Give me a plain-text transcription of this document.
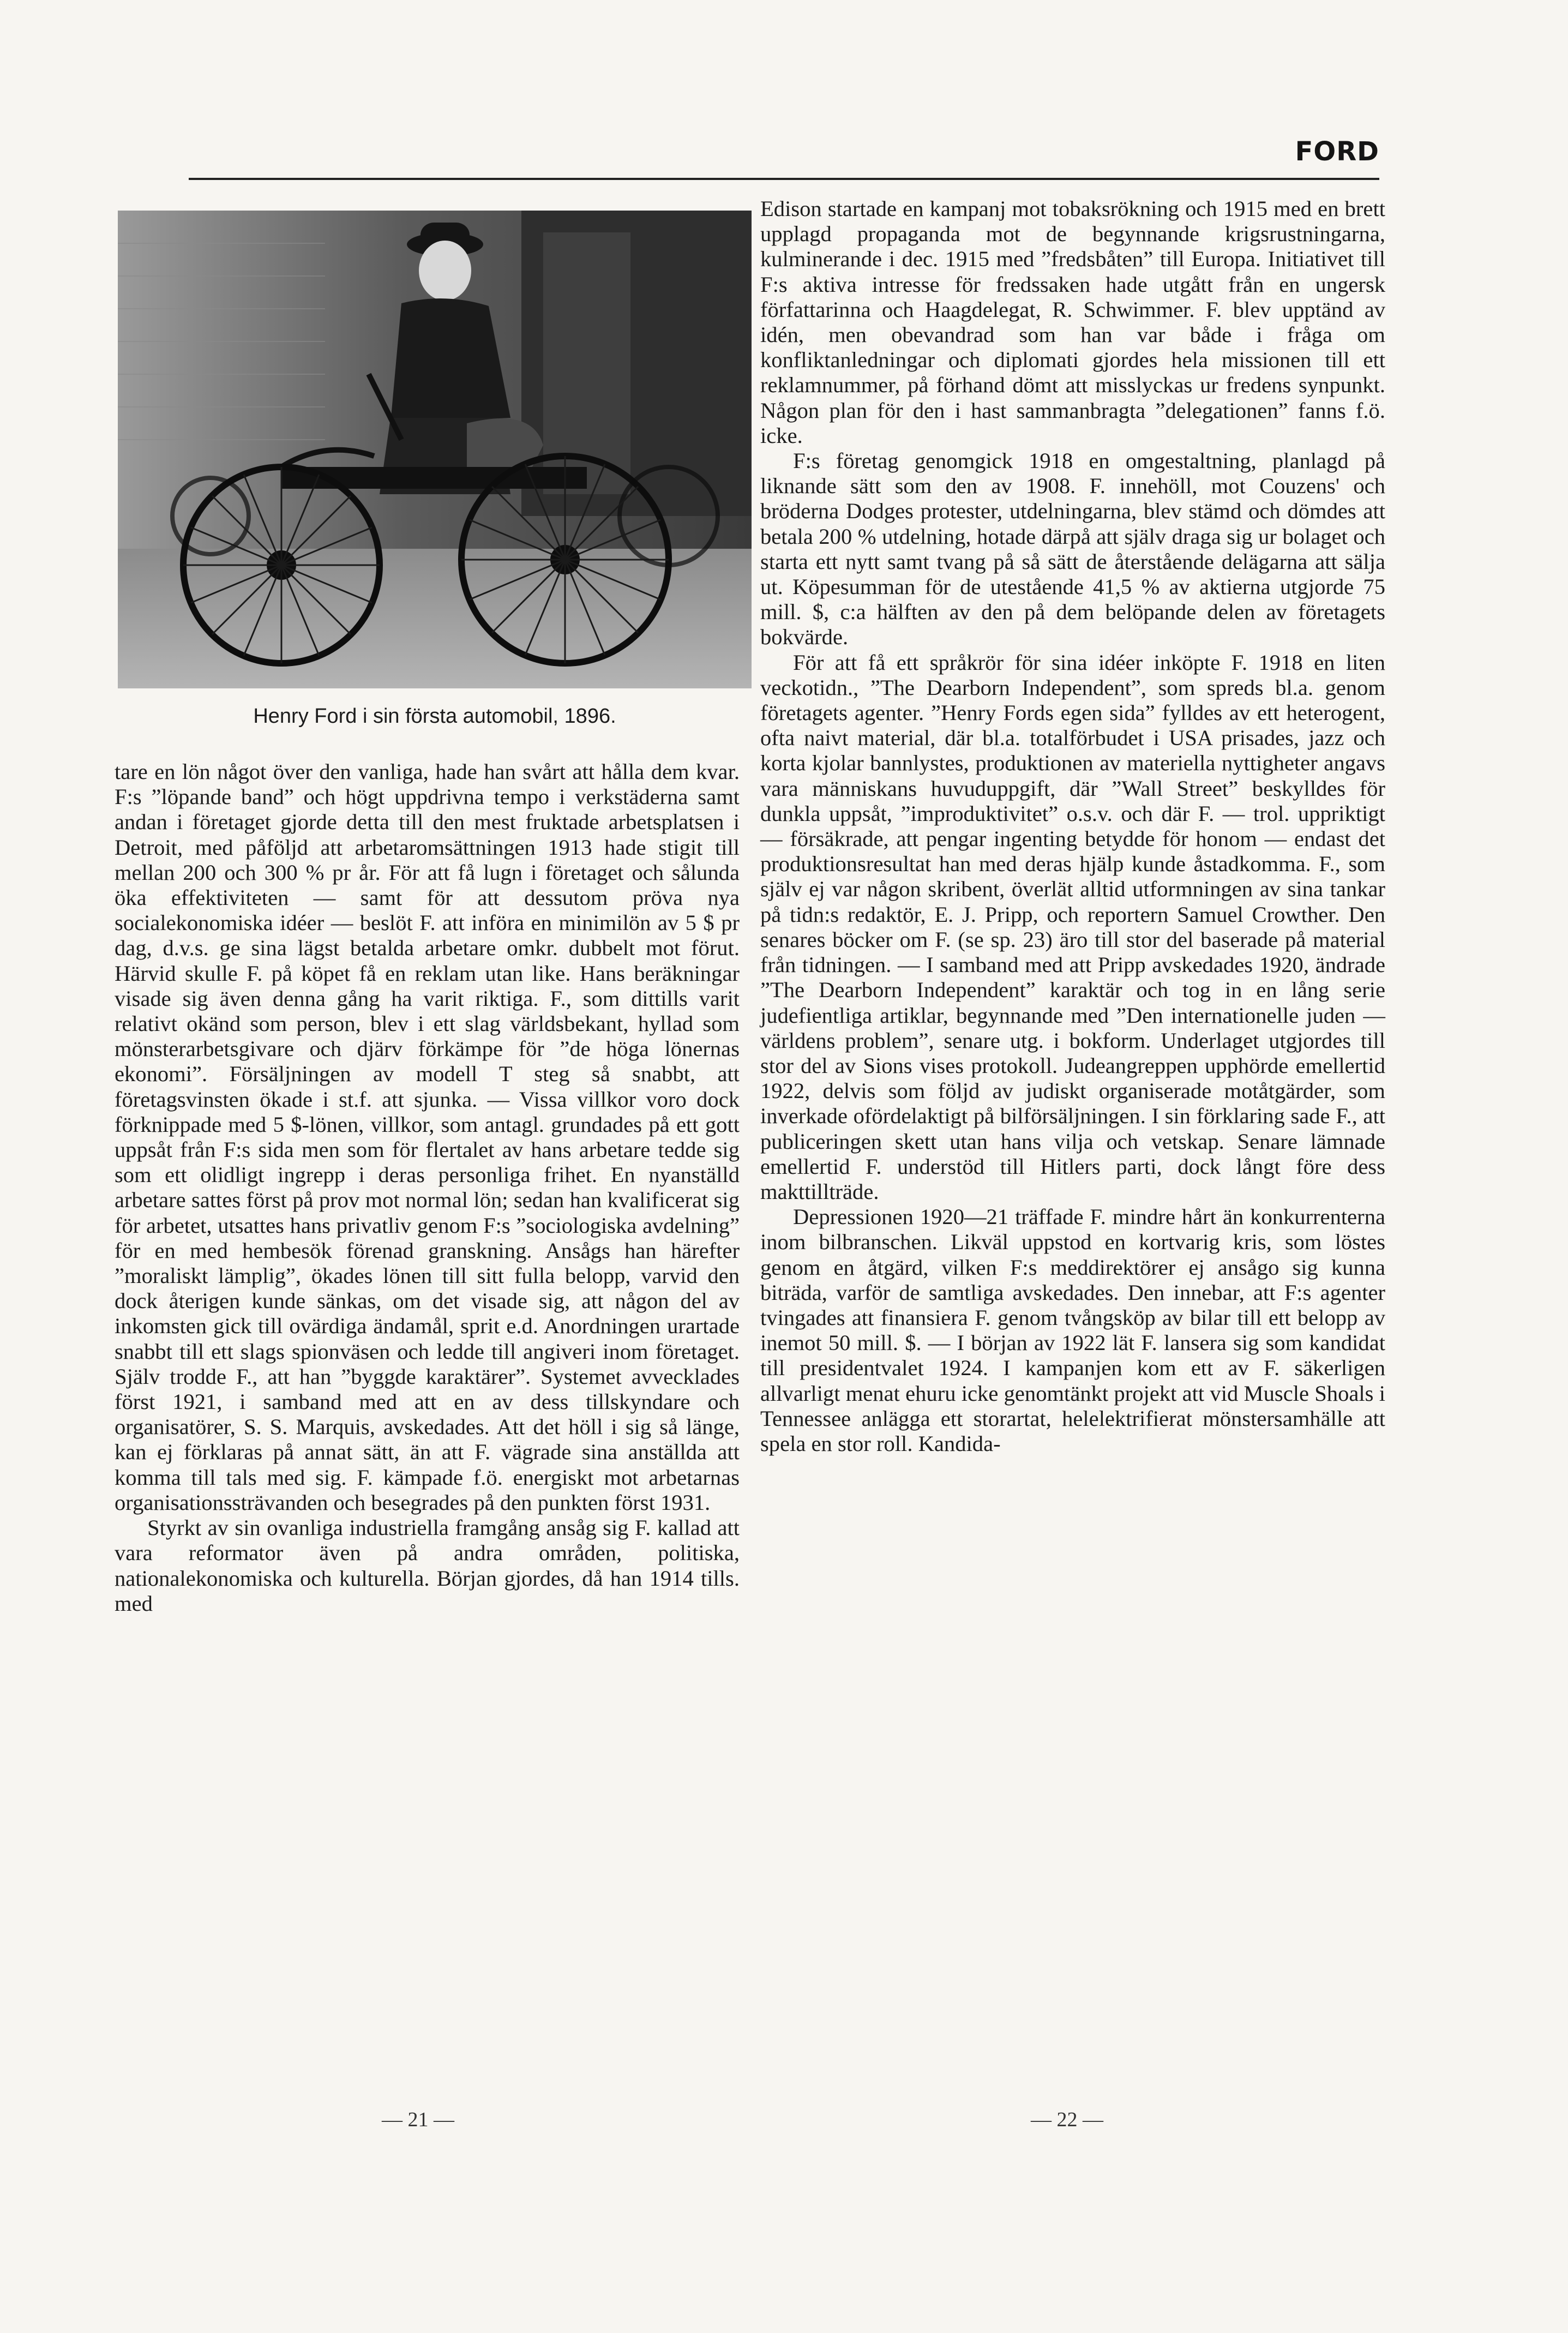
FORD
Henry Ford i sin första automobil, 1896.

tare en lön något över den vanliga, hade han svårt att hålla dem kvar. F:s ”löpande band” och högt uppdrivna tempo i verkstäderna samt andan i företaget gjorde detta till den mest fruktade arbetsplatsen i Detroit, med påföljd att arbetaromsättningen 1913 hade stigit till mellan 200 och 300 % pr år. För att få lugn i företaget och sålunda öka effektiviteten — samt för att dessutom pröva nya socialekonomiska idéer — beslöt F. att införa en minimilön av 5 $ pr dag, d.v.s. ge sina lägst betalda arbetare omkr. dubbelt mot förut. Härvid skulle F. på köpet få en reklam utan like. Hans beräkningar visade sig även denna gång ha varit riktiga. F., som dittills varit relativt okänd som person, blev i ett slag världsbekant, hyllad som mönsterarbetsgivare och djärv förkämpe för ”de höga lönernas ekonomi”. Försäljningen av modell T steg så snabbt, att företagsvinsten ökade i st.f. att sjunka. — Vissa villkor voro dock förknippade med 5 $-lönen, villkor, som antagl. grundades på ett gott uppsåt från F:s sida men som för flertalet av hans arbetare tedde sig som ett olidligt ingrepp i deras personliga frihet. En nyanställd arbetare sattes först på prov mot normal lön; sedan han kvalificerat sig för arbetet, utsattes hans privatliv genom F:s ”sociologiska avdelning” för en med hembesök förenad granskning. Ansågs han härefter ”moraliskt lämplig”, ökades lönen till sitt fulla belopp, varvid den dock återigen kunde sänkas, om det visade sig, att någon del av inkomsten gick till ovärdiga ändamål, sprit e.d. Anordningen urartade snabbt till ett slags spionväsen och ledde till angiveri inom företaget. Själv trodde F., att han ”byggde karaktärer”. Systemet avvecklades först 1921, i samband med att en av dess tillskyndare och organisatörer, S. S. Marquis, avskedades. Att det höll i sig så länge, kan ej förklaras på annat sätt, än att F. vägrade sina anställda att komma till tals med sig. F. kämpade f.ö. energiskt mot arbetarnas organisationssträvanden och besegrades på den punkten först 1931.

Styrkt av sin ovanliga industriella framgång ansåg sig F. kallad att vara reformator även på andra områden, politiska, nationalekonomiska och kulturella. Början gjordes, då han 1914 tills. med

Edison startade en kampanj mot tobaksrökning och 1915 med en brett upplagd propaganda mot de begynnande krigsrustningarna, kulminerande i dec. 1915 med ”fredsbåten” till Europa. Initiativet till F:s aktiva intresse för fredssaken hade utgått från en ungersk författarinna och Haagdelegat, R. Schwimmer. F. blev upptänd av idén, men obevandrad som han var både i fråga om konfliktanledningar och diplomati gjordes hela missionen till ett reklamnummer, på förhand dömt att misslyckas ur fredens synpunkt. Någon plan för den i hast sammanbragta ”delegationen” fanns f.ö. icke.

F:s företag genomgick 1918 en omgestaltning, planlagd på liknande sätt som den av 1908. F. innehöll, mot Couzens' och bröderna Dodges protester, utdelningarna, blev stämd och dömdes att betala 200 % utdelning, hotade därpå att själv draga sig ur bolaget och starta ett nytt samt tvang på så sätt de återstående delägarna att sälja ut. Köpesumman för de utestående 41,5 % av aktierna utgjorde 75 mill. $, c:a hälften av den på dem belöpande delen av företagets bokvärde.

För att få ett språkrör för sina idéer inköpte F. 1918 en liten veckotidn., ”The Dearborn Independent”, som spreds bl.a. genom företagets agenter. ”Henry Fords egen sida” fylldes av ett heterogent, ofta naivt material, där bl.a. totalförbudet i USA prisades, jazz och korta kjolar bannlystes, produktionen av materiella nyttigheter angavs vara människans huvuduppgift, där ”Wall Street” beskylldes för dunkla uppsåt, ”improduktivitet” o.s.v. och där F. — trol. uppriktigt — försäkrade, att pengar ingenting betydde för honom — endast det produktionsresultat han med deras hjälp kunde åstadkomma. F., som själv ej var någon skribent, överlät alltid utformningen av sina tankar på tidn:s redaktör, E. J. Pripp, och reportern Samuel Crowther. Den senares böcker om F. (se sp. 23) äro till stor del baserade på material från tidningen. — I samband med att Pripp avskedades 1920, ändrade ”The Dearborn Independent” karaktär och tog in en lång serie judefientliga artiklar, begynnande med ”Den internationelle juden — världens problem”, senare utg. i bokform. Underlaget utgjordes till stor del av Sions vises protokoll. Judeangreppen upphörde emellertid 1922, delvis som följd av judiskt organiserade motåtgärder, som inverkade ofördelaktigt på bilförsäljningen. I sin förklaring sade F., att publiceringen skett utan hans vilja och vetskap. Senare lämnade emellertid F. understöd till Hitlers parti, dock långt före dess makttillträde.

Depressionen 1920—21 träffade F. mindre hårt än konkurrenterna inom bilbranschen. Likväl uppstod en kortvarig kris, som löstes genom en åtgärd, vilken F:s meddirektörer ej ansågo sig kunna biträda, varför de samtliga avskedades. Den innebar, att F:s agenter tvingades att finansiera F. genom tvångsköp av bilar till ett belopp av inemot 50 mill. $. — I början av 1922 lät F. lansera sig som kandidat till presidentvalet 1924. I kampanjen kom ett av F. säkerligen allvarligt menat ehuru icke genomtänkt projekt att vid Muscle Shoals i Tennessee anlägga ett storartat, helelektrifierat mönstersamhälle att spela en stor roll. Kandida-

— 21 —	— 22 —
